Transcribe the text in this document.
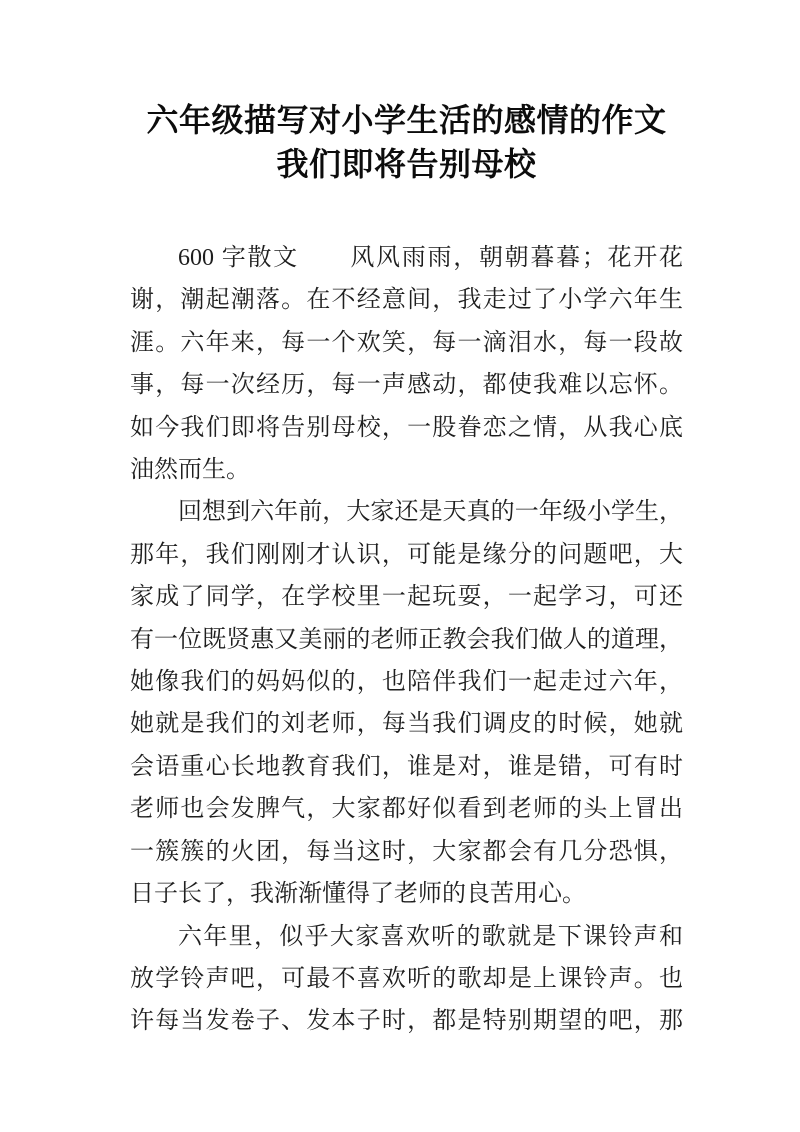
六年级描写对小学生活的感情的作文
我们即将告别母校
600 字散文　　风风雨雨，朝朝暮暮；花开花
谢，潮起潮落。在不经意间，我走过了小学六年生
涯。六年来，每一个欢笑，每一滴泪水，每一段故
事，每一次经历，每一声感动，都使我难以忘怀。
如今我们即将告别母校，一股眷恋之情，从我心底
油然而生。
回想到六年前，大家还是天真的一年级小学生，
那年，我们刚刚才认识，可能是缘分的问题吧，大
家成了同学，在学校里一起玩耍，一起学习，可还
有一位既贤惠又美丽的老师正教会我们做人的道理，
她像我们的妈妈似的，也陪伴我们一起走过六年，
她就是我们的刘老师，每当我们调皮的时候，她就
会语重心长地教育我们，谁是对，谁是错，可有时
老师也会发脾气，大家都好似看到老师的头上冒出
一簇簇的火团，每当这时，大家都会有几分恐惧，
日子长了，我渐渐懂得了老师的良苦用心。
六年里，似乎大家喜欢听的歌就是下课铃声和
放学铃声吧，可最不喜欢听的歌却是上课铃声。也
许每当发卷子、发本子时，都是特别期望的吧，那
